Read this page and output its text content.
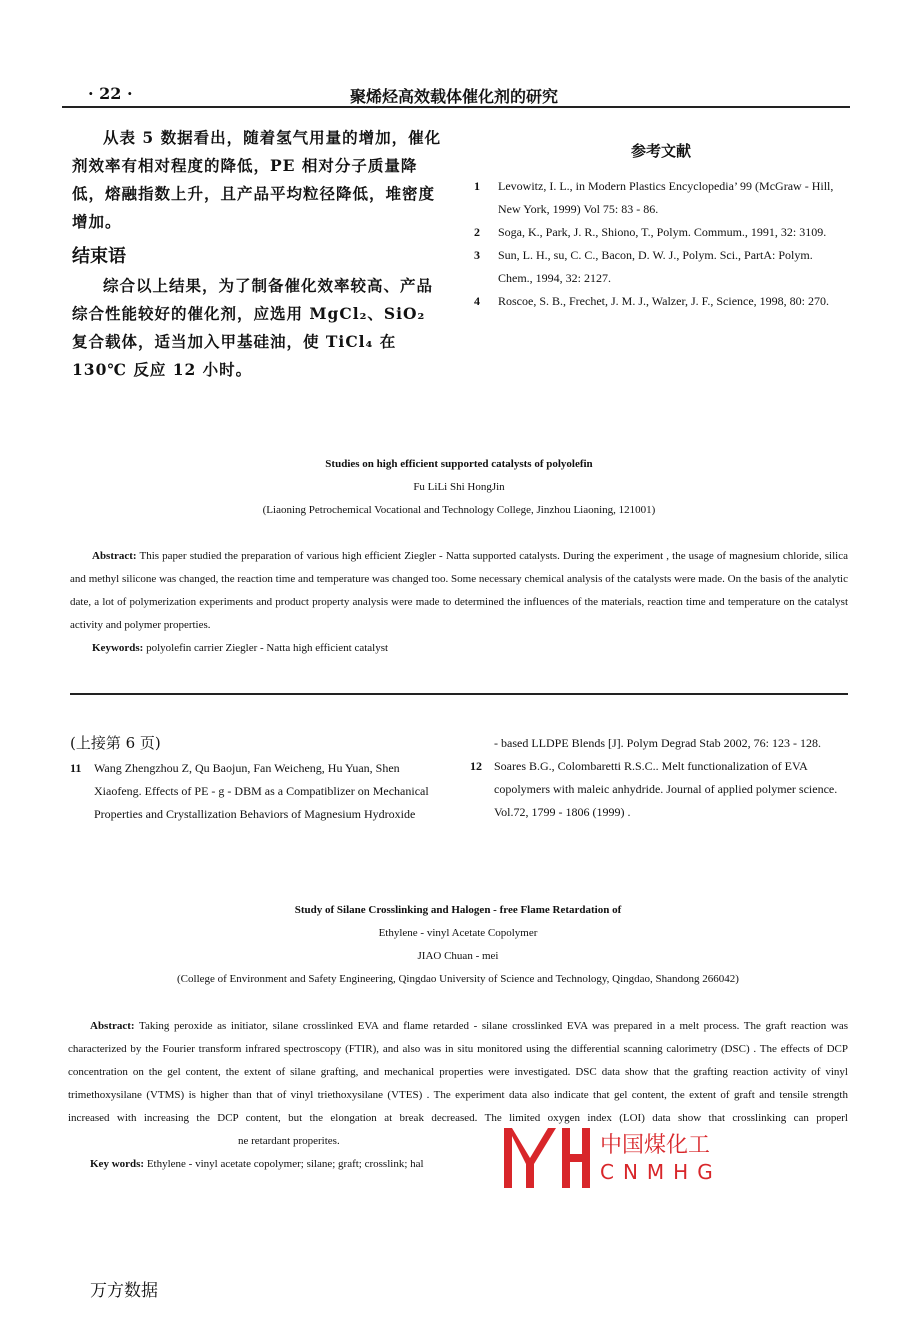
· 22 ·	聚烯烃高效载体催化剂的研究

从表 5 数据看出，随着氢气用量的增加，催化剂效率有相对程度的降低，PE 相对分子质量降低，熔融指数上升，且产品平均粒径降低，堆密度增加。

结束语

综合以上结果，为了制备催化效率较高、产品综合性能较好的催化剂，应选用 MgCl₂、SiO₂ 复合载体，适当加入甲基硅油，使 TiCl₄ 在 130℃ 反应 12 小时。

参考文献
1 Levowitz, I. L., in Modern Plastics Encyclopedia’ 99 (McGraw - Hill, New York, 1999) Vol 75: 83 - 86.
2 Soga, K., Park, J. R., Shiono, T., Polym. Commum., 1991, 32: 3109.
3 Sun, L. H., su, C. C., Bacon, D. W. J., Polym. Sci., PartA: Polym. Chem., 1994, 32: 2127.
4 Roscoe, S. B., Frechet, J. M. J., Walzer, J. F., Science, 1998, 80: 270.
Studies on high efficient supported catalysts of polyolefin
Fu LiLi Shi HongJin
(Liaoning Petrochemical Vocational and Technology College, Jinzhou Liaoning, 121001)
Abstract: This paper studied the preparation of various high efficient Ziegler - Natta supported catalysts. During the experiment , the usage of magnesium chloride, silica and methyl silicone was changed, the reaction time and temperature was changed too. Some necessary chemical analysis of the catalysts were made. On the basis of the analytic date, a lot of polymerization experiments and product property analysis were made to determined the influences of the materials, reaction time and temperature on the catalyst activity and polymer properties.
Keywords: polyolefin carrier Ziegler - Natta high efficient catalyst
(上接第 6 页)
11 Wang Zhengzhou Z, Qu Baojun, Fan Weicheng, Hu Yuan, Shen Xiaofeng. Effects of PE - g - DBM as a Compatiblizer on Mechanical Properties and Crystallization Behaviors of Magnesium Hydroxide
- based LLDPE Blends [J]. Polym Degrad Stab 2002, 76: 123 - 128.
12 Soares B.G., Colombaretti R.S.C.. Melt functionalization of EVA copolymers with maleic anhydride. Journal of applied polymer science. Vol.72, 1799 - 1806 (1999) .
Study of Silane Crosslinking and Halogen - free Flame Retardation of
Ethylene - vinyl Acetate Copolymer
JIAO Chuan - mei
(College of Environment and Safety Engineering, Qingdao University of Science and Technology, Qingdao, Shandong 266042)
Abstract: Taking peroxide as initiator, silane crosslinked EVA and flame retarded - silane crosslinked EVA was prepared in a melt process. The graft reaction was characterized by the Fourier transform infrared spectroscopy (FTIR), and also was in situ monitored using the differential scanning calorimetry (DSC) . The effects of DCP concentration on the gel content, the extent of silane grafting, and mechanical properties were investigated. DSC data show that the grafting reaction activity of vinyl trimethoxysilane (VTMS) is higher than that of vinyl triethoxysilane (VTES) . The experiment data also indicate that gel content, the extent of graft and tensile strength increased with increasing the DCP content, but the elongation at break decreased. The limited oxygen index (LOI) data show that crosslinking can properl ne retardant properites.
Key words: Ethylene - vinyl acetate copolymer; silane; graft; crosslink; hal
中国煤化工
CNMHG
万方数据
